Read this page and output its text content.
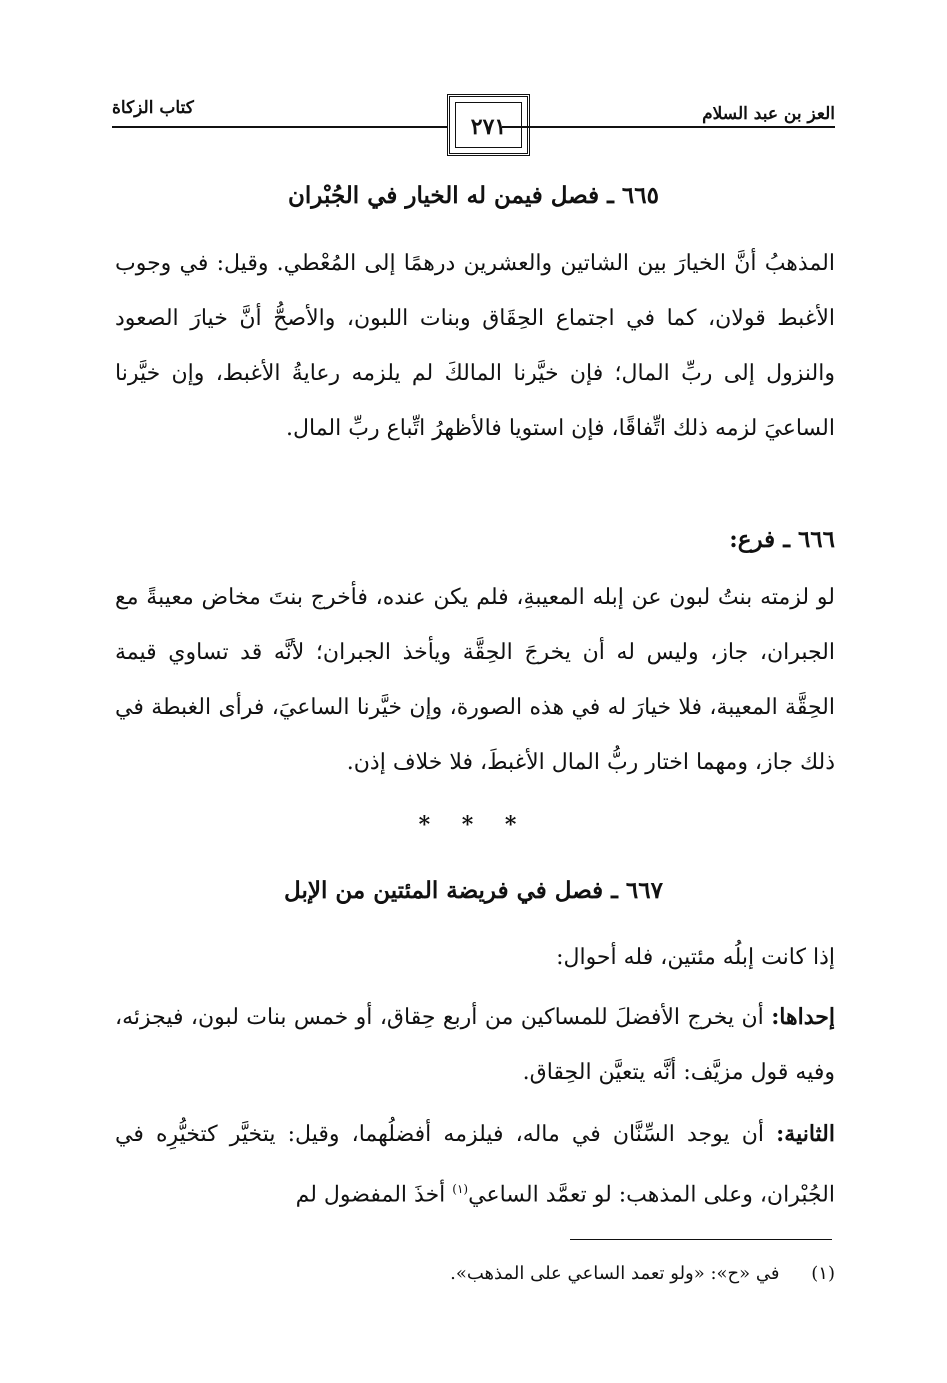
العز بن عبد السلام
كتاب الزكاة
٢٧١
٦٦٥ ـ فصل فيمن له الخيار في الجُبْران
المذهبُ أنَّ الخيارَ بين الشاتين والعشرين درهمًا إلى المُعْطي. وقيل: في وجوب الأغبط قولان، كما في اجتماع الحِقَاق وبنات اللبون، والأصحُّ أنَّ خيارَ الصعود والنزول إلى ربِّ المال؛ فإن خيَّرنا المالكَ لم يلزمه رعايةُ الأغبط، وإن خيَّرنا الساعيَ لزمه ذلك اتِّفاقًا، فإن استويا فالأظهرُ اتِّباع ربِّ المال.
٦٦٦ ـ فرع:
لو لزمته بنتُ لبون عن إبله المعيبةِ، فلم يكن عنده، فأخرج بنتَ مخاض معيبةً مع الجبران، جاز، وليس له أن يخرجَ الحِقَّة ويأخذ الجبران؛ لأنَّه قد تساوي قيمة الحِقَّة المعيبة، فلا خيارَ له في هذه الصورة، وإن خيَّرنا الساعيَ، فرأى الغبطة في ذلك جاز، ومهما اختار ربُّ المال الأغبطَ، فلا خلاف إذن.
* * *
٦٦٧ ـ فصل في فريضة المئتين من الإبل
إذا كانت إبلُه مئتين، فله أحوال:
إحداها: أن يخرج الأفضلَ للمساكين من أربع حِقاق، أو خمس بنات لبون، فيجزئه، وفيه قول مزيَّف: أنَّه يتعيَّن الحِقاق.
الثانية: أن يوجد السِّنَّان في ماله، فيلزمه أفضلُهما، وقيل: يتخيَّر كتخيُّرِه في الجُبْران، وعلى المذهب: لو تعمَّد الساعي$^{(١)}$ أخذَ المفضول لم
(١) في «ح»: «ولو تعمد الساعي على المذهب».
